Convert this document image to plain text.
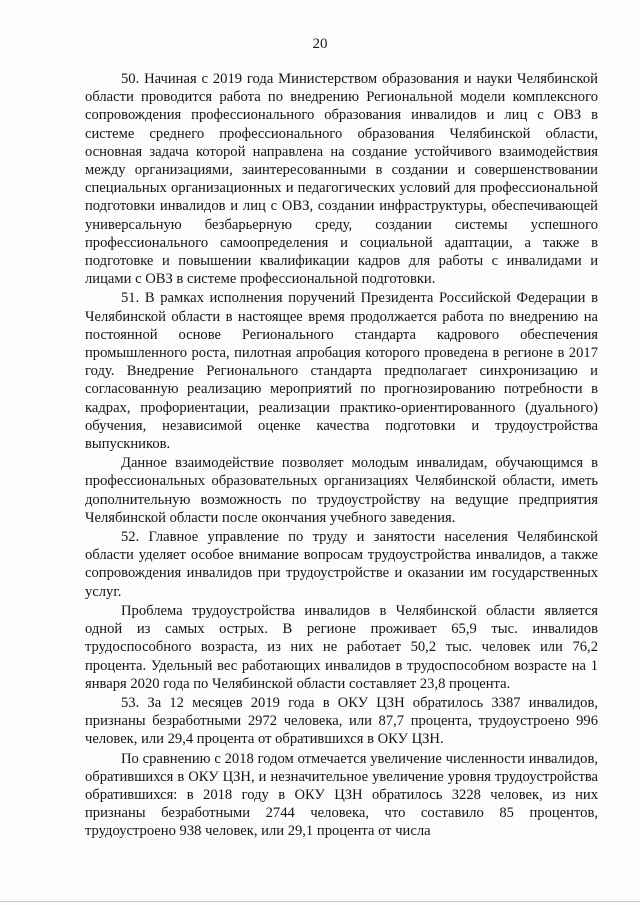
20

50. Начиная с 2019 года Министерством образования и науки Челябинской области проводится работа по внедрению Региональной модели комплексного сопровождения профессионального образования инвалидов и лиц с ОВЗ в системе среднего профессионального образования Челябинской области, основная задача которой направлена на создание устойчивого взаимодействия между организациями, заинтересованными в создании и совершенствовании специальных организационных и педагогических условий для профессиональной подготовки инвалидов и лиц с ОВЗ, создании инфраструктуры, обеспечивающей универсальную безбарьерную среду, создании системы успешного профессионального самоопределения и социальной адаптации, а также в подготовке и повышении квалификации кадров для работы с инвалидами и лицами с ОВЗ в системе профессиональной подготовки.

51. В рамках исполнения поручений Президента Российской Федерации в Челябинской области в настоящее время продолжается работа по внедрению на постоянной основе Регионального стандарта кадрового обеспечения промышленного роста, пилотная апробация которого проведена в регионе в 2017 году. Внедрение Регионального стандарта предполагает синхронизацию и согласованную реализацию мероприятий по прогнозированию потребности в кадрах, профориентации, реализации практико-ориентированного (дуального) обучения, независимой оценке качества подготовки и трудоустройства выпускников.

Данное взаимодействие позволяет молодым инвалидам, обучающимся в профессиональных образовательных организациях Челябинской области, иметь дополнительную возможность по трудоустройству на ведущие предприятия Челябинской области после окончания учебного заведения.

52. Главное управление по труду и занятости населения Челябинской области уделяет особое внимание вопросам трудоустройства инвалидов, а также сопровождения инвалидов при трудоустройстве и оказании им государственных услуг.

Проблема трудоустройства инвалидов в Челябинской области является одной из самых острых. В регионе проживает 65,9 тыс. инвалидов трудоспособного возраста, из них не работает 50,2 тыс. человек или 76,2 процента. Удельный вес работающих инвалидов в трудоспособном возрасте на 1 января 2020 года по Челябинской области составляет 23,8 процента.

53. За 12 месяцев 2019 года в ОКУ ЦЗН обратилось 3387 инвалидов, признаны безработными 2972 человека, или 87,7 процента, трудоустроено 996 человек, или 29,4 процента от обратившихся в ОКУ ЦЗН.

По сравнению с 2018 годом отмечается увеличение численности инвалидов, обратившихся в ОКУ ЦЗН, и незначительное увеличение уровня трудоустройства обратившихся: в 2018 году в ОКУ ЦЗН обратилось 3228 человек, из них признаны безработными 2744 человека, что составило 85 процентов, трудоустроено 938 человек, или 29,1 процента от числа
